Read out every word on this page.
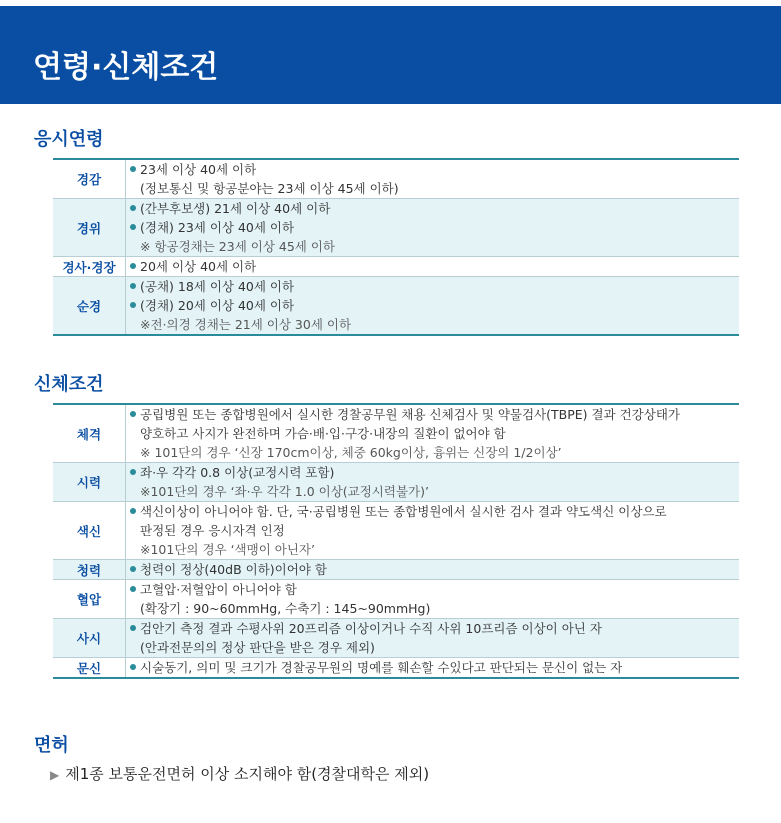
연령·신체조건
응시연령
경감	23세 이상 40세 이하
(정보통신 및 항공분야는 23세 이상 45세 이하)

경위	(간부후보생) 21세 이상 40세 이하
(경채) 23세 이상 40세 이하
※ 항공경채는 23세 이상 45세 이하

경사·경장	20세 이상 40세 이하

순경	(공채) 18세 이상 40세 이하
(경채) 20세 이상 40세 이하
※전·의경 경채는 21세 이상 30세 이하
신체조건
체격	공립병원 또는 종합병원에서 실시한 경찰공무원 채용 신체검사 및 약물검사(TBPE) 결과 건강상태가
양호하고 사지가 완전하며 가슴·배·입·구강·내장의 질환이 없어야 함
※ 101단의 경우 ‘신장 170cm이상, 체중 60kg이상, 흉위는 신장의 1/2이상’

시력	좌·우 각각 0.8 이상(교정시력 포함)
※101단의 경우 ‘좌·우 각각 1.0 이상(교정시력불가)’

색신	색신이상이 아니어야 함. 단, 국·공립병원 또는 종합병원에서 실시한 검사 결과 약도색신 이상으로
판정된 경우 응시자격 인정
※101단의 경우 ‘색맹이 아닌자’

청력	청력이 정상(40dB 이하)이어야 함

혈압	고혈압·저혈압이 아니어야 함
(확장기 : 90~60mmHg, 수축기 : 145~90mmHg)

사시	검안기 측정 결과 수평사위 20프리즘 이상이거나 수직 사위 10프리즘 이상이 아닌 자
(안과전문의의 정상 판단을 받은 경우 제외)

문신	시술동기, 의미 및 크기가 경찰공무원의 명예를 훼손할 수있다고 판단되는 문신이 없는 자
면허

▶ 제1종 보통운전면허 이상 소지해야 함(경찰대학은 제외)
